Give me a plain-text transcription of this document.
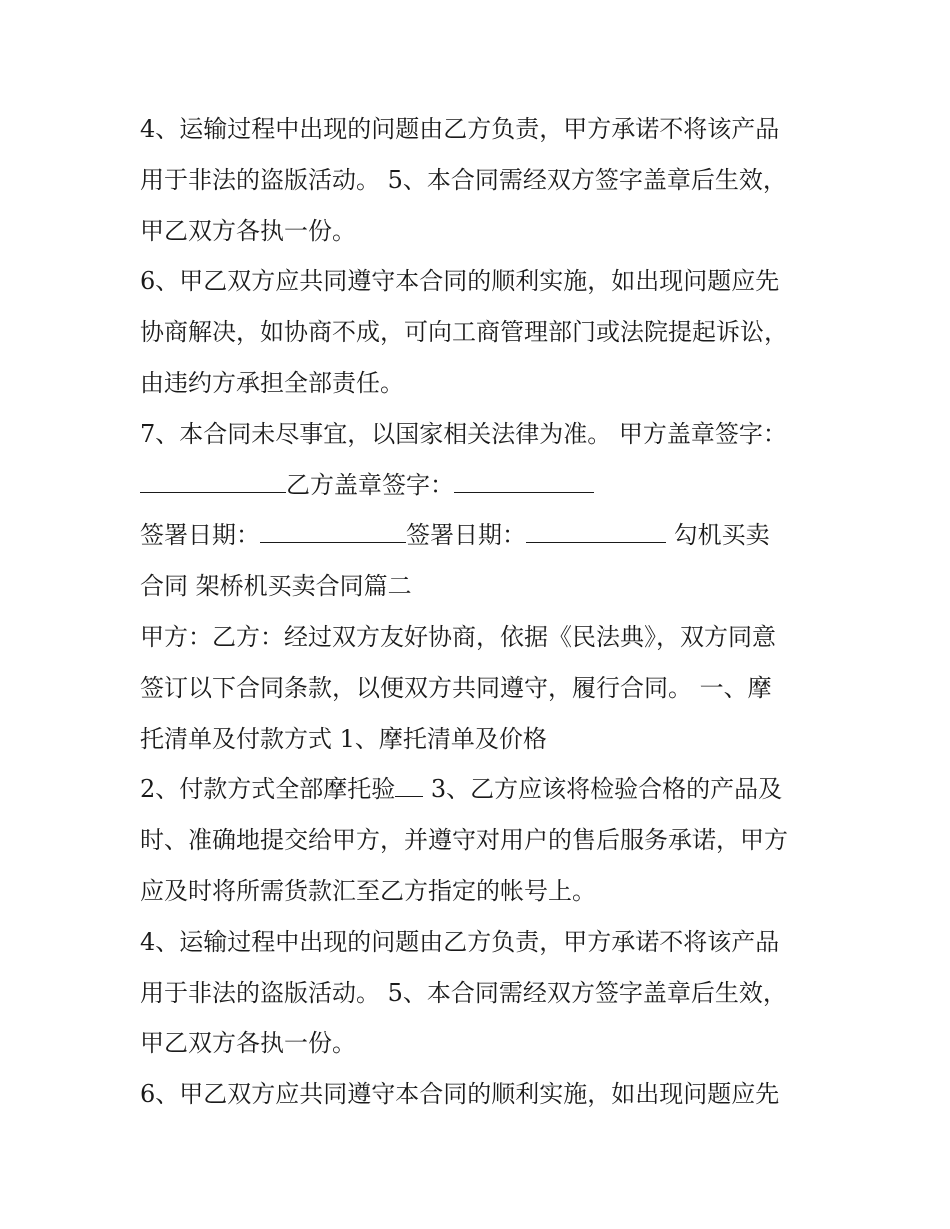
4、运输过程中出现的问题由乙方负责，甲方承诺不将该产品
用于非法的盗版活动。 5、本合同需经双方签字盖章后生效，
甲乙双方各执一份。
6、甲乙双方应共同遵守本合同的顺利实施，如出现问题应先
协商解决，如协商不成，可向工商管理部门或法院提起诉讼，
由违约方承担全部责任。
7、本合同未尽事宜，以国家相关法律为准。 甲方盖章签字：
乙方盖章签字：
签署日期：	签署日期：	勾机买卖
合同 架桥机买卖合同篇二
甲方：乙方：经过双方友好协商，依据《民法典》，双方同意
签订以下合同条款，以便双方共同遵守，履行合同。 一、摩
托清单及付款方式 1、摩托清单及价格
2、付款方式全部摩托验 3、乙方应该将检验合格的产品及
时、准确地提交给甲方，并遵守对用户的售后服务承诺，甲方
应及时将所需货款汇至乙方指定的帐号上。
4、运输过程中出现的问题由乙方负责，甲方承诺不将该产品
用于非法的盗版活动。 5、本合同需经双方签字盖章后生效，
甲乙双方各执一份。
6、甲乙双方应共同遵守本合同的顺利实施，如出现问题应先
